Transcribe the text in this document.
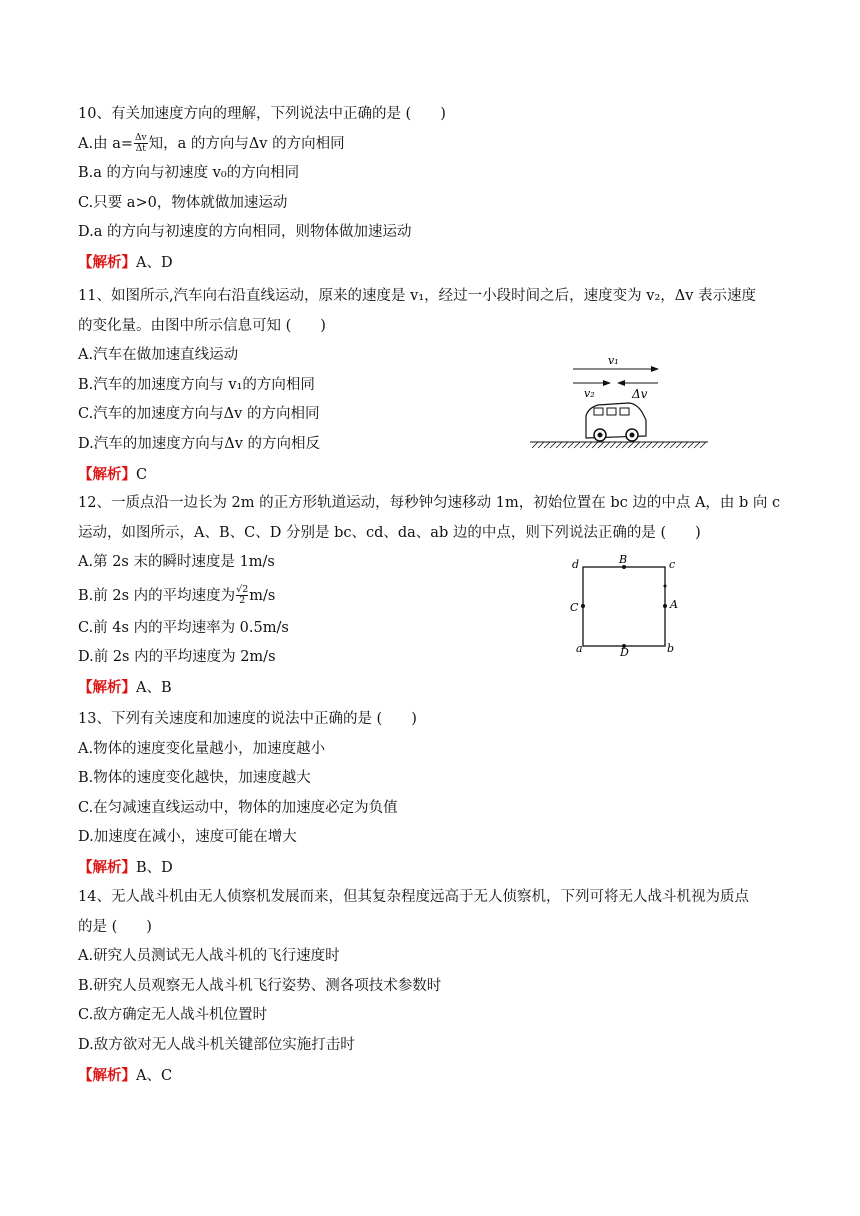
10、有关加速度方向的理解，下列说法中正确的是 (　　)
A.由 $a= \frac{\Delta v}{\Delta t}$ 知，a 的方向与Δv 的方向相同
B.a 的方向与初速度 v₀的方向相同
C.只要 a>0，物体就做加速运动
D.a 的方向与初速度的方向相同，则物体做加速运动
【解析】A、D
11、如图所示,汽车向右沿直线运动，原来的速度是 v₁，经过一小段时间之后，速度变为 v₂，Δv 表示速度
的变化量。由图中所示信息可知 (　　)
A.汽车在做加速直线运动
B.汽车的加速度方向与 v₁的方向相同
C.汽车的加速度方向与Δv 的方向相同
D.汽车的加速度方向与Δv 的方向相反
【解析】C
v₁
v₂	Δv
12、一质点沿一边长为 2m 的正方形轨道运动，每秒钟匀速移动 1m，初始位置在 bc 边的中点 A，由 b 向 c
运动，如图所示，A、B、C、D 分别是 bc、cd、da、ab 边的中点，则下列说法正确的是 (　　)
A.第 2s 末的瞬时速度是 1m/s
B.前 2s 内的平均速度为 $\frac{√2}{2}m/s$
C.前 4s 内的平均速率为 0.5m/s
D.前 2s 内的平均速度为 2m/s
【解析】A、B
d	B	c
C	A
a	D	b
13、下列有关速度和加速度的说法中正确的是 (　　)
A.物体的速度变化量越小，加速度越小
B.物体的速度变化越快，加速度越大
C.在匀减速直线运动中，物体的加速度必定为负值
D.加速度在减小，速度可能在增大
【解析】B、D
14、无人战斗机由无人侦察机发展而来，但其复杂程度远高于无人侦察机，下列可将无人战斗机视为质点
的是 (　　)
A.研究人员测试无人战斗机的飞行速度时
B.研究人员观察无人战斗机飞行姿势、测各项技术参数时
C.敌方确定无人战斗机位置时
D.敌方欲对无人战斗机关键部位实施打击时
【解析】A、C
